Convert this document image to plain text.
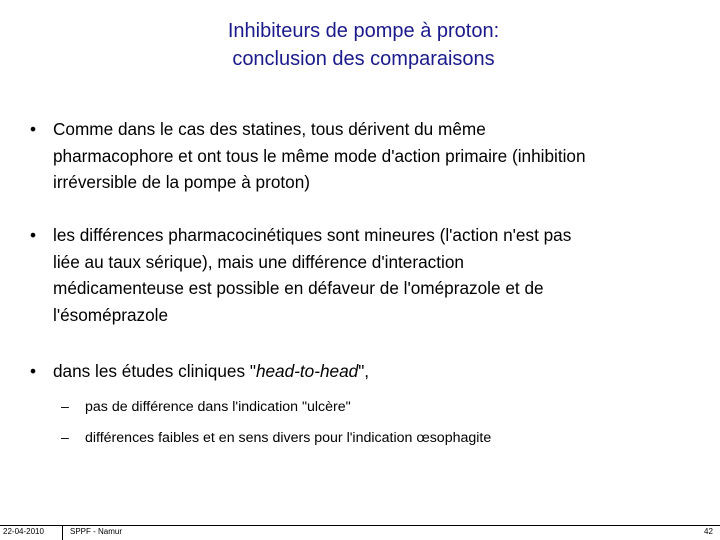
Inhibiteurs de pompe à proton:
conclusion des comparaisons
• Comme dans le cas des statines, tous dérivent du même
pharmacophore et ont tous le même mode d'action primaire (inhibition
irréversible de la pompe à proton)
• les différences pharmacocinétiques sont mineures (l'action n'est pas
liée au taux sérique), mais une différence d'interaction
médicamenteuse est possible en défaveur de l'oméprazole et de
l'ésoméprazole
• dans les études cliniques "head-to-head",
– pas de différence dans l'indication "ulcère"
– différences faibles et en sens divers pour l'indication œsophagite
22-04-2010	SPPF - Namur	42
